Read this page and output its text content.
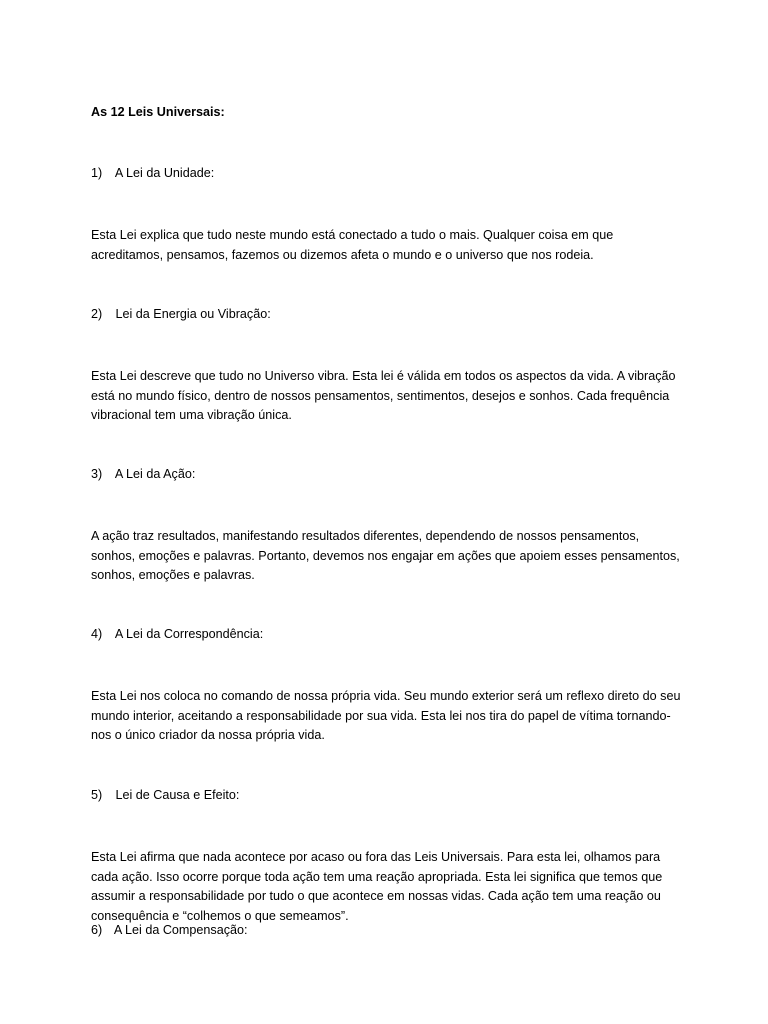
As 12 Leis Universais:
1) A Lei da Unidade:
Esta Lei explica que tudo neste mundo está conectado a tudo o mais. Qualquer coisa em que acreditamos, pensamos, fazemos ou dizemos afeta o mundo e o universo que nos rodeia.
2) Lei da Energia ou Vibração:
Esta Lei descreve que tudo no Universo vibra. Esta lei é válida em todos os aspectos da vida. A vibração está no mundo físico, dentro de nossos pensamentos, sentimentos, desejos e sonhos. Cada frequência vibracional tem uma vibração única.
3) A Lei da Ação:
A ação traz resultados, manifestando resultados diferentes, dependendo de nossos pensamentos, sonhos, emoções e palavras. Portanto, devemos nos engajar em ações que apoiem esses pensamentos, sonhos, emoções e palavras.
4) A Lei da Correspondência:
Esta Lei nos coloca no comando de nossa própria vida. Seu mundo exterior será um reflexo direto do seu mundo interior, aceitando a responsabilidade por sua vida. Esta lei nos tira do papel de vítima tornando-nos o único criador da nossa própria vida.
5) Lei de Causa e Efeito:
Esta Lei afirma que nada acontece por acaso ou fora das Leis Universais. Para esta lei, olhamos para cada ação. Isso ocorre porque toda ação tem uma reação apropriada. Esta lei significa que temos que assumir a responsabilidade por tudo o que acontece em nossas vidas. Cada ação tem uma reação ou consequência e “colhemos o que semeamos”.
6) A Lei da Compensação:
